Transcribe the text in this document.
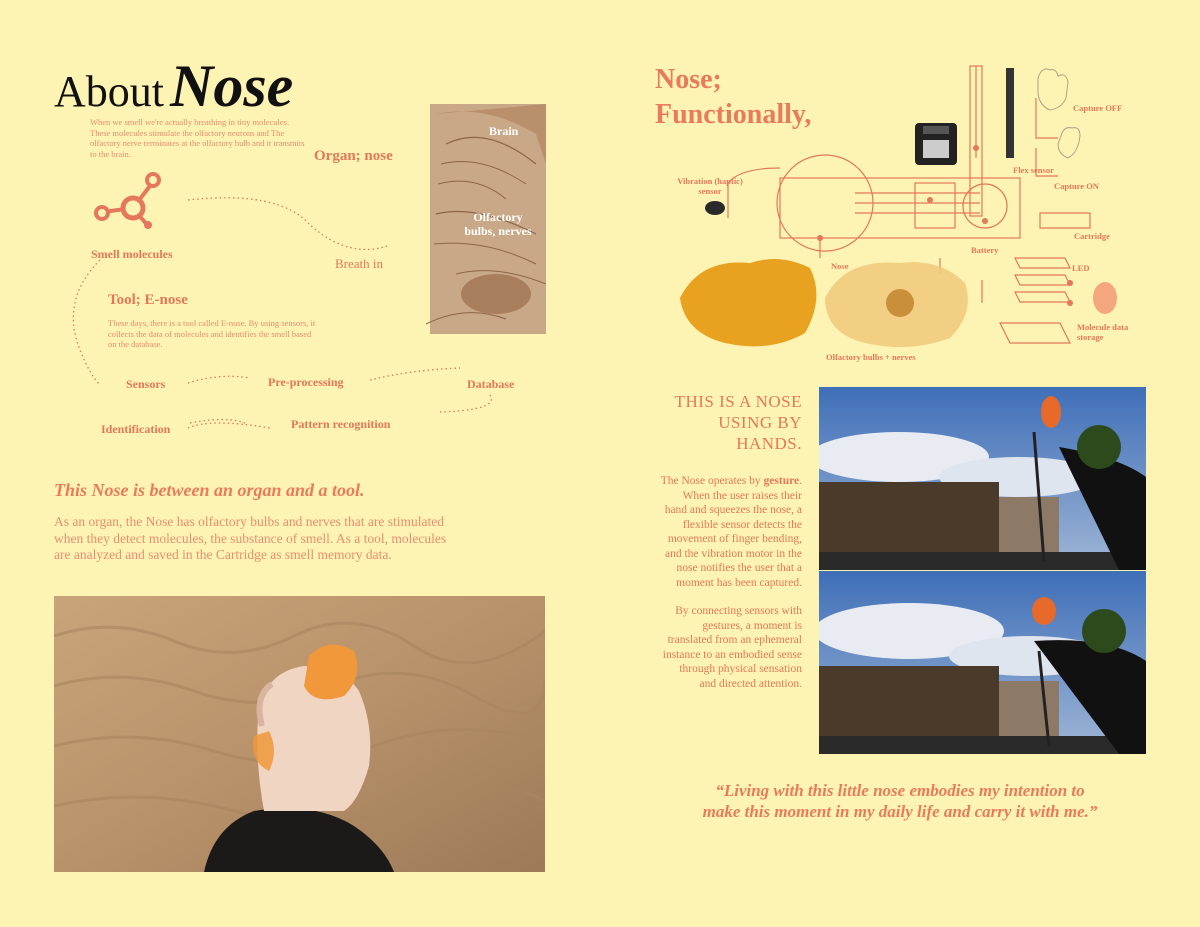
About Nose
When we smell we're actually breathing in tiny molecules. These molecules stimulate the olfactory neurons and The olfactory nerve terminates at the olfactory bulb and it transmits to the brain.	Organ; nose
Brain
Olfactory bulbs, nerves
Smell molecules
Breath in
Tool; E-nose
These days, there is a tool called E-nose. By using sensors, it collects the data of molecules and identifies the smell based on the database.
Sensors	Pre-processing	Database
Identification	Pattern recognition
This Nose is between an organ and a tool.
As an organ, the Nose has olfactory bulbs and nerves that are stimulated when they detect molecules, the substance of smell. As a tool, molecules are analyzed and saved in the Cartridge as smell memory data.
Nose;
Functionally,
Vibration (haptic) sensor
Nose
Battery
Flex sensor
Capture OFF
Capture ON
Cartridge
LED
Molecule data storage
Olfactory bulbs + nerves
THIS IS A NOSE USING BY HANDS.
The Nose operates by gesture. When the user raises their hand and squeezes the nose, a flexible sensor detects the movement of finger bending, and the vibration motor in the nose notifies the user that a moment has been captured.
By connecting sensors with gestures, a moment is translated from an ephemeral instance to an embodied sense through physical sensation and directed attention.
“Living with this little nose embodies my intention to make this moment in my daily life and carry it with me.”
